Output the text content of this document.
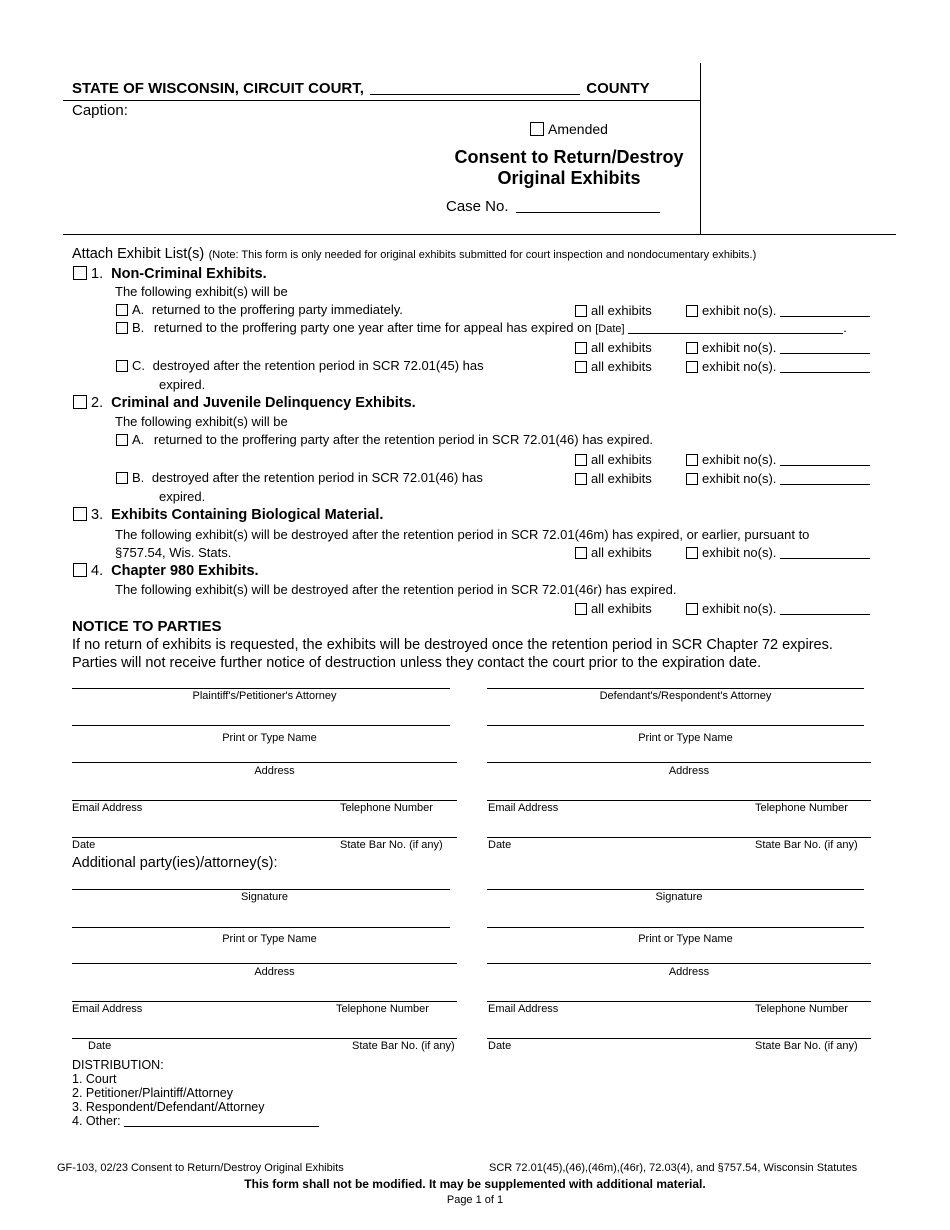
STATE OF WISCONSIN, CIRCUIT COURT,	COUNTY
Caption:
Amended
Consent to Return/Destroy
Original Exhibits
Case No.
Attach Exhibit List(s) (Note: This form is only needed for original exhibits submitted for court inspection and nondocumentary exhibits.)
1. Non-Criminal Exhibits.
The following exhibit(s) will be
A. returned to the proffering party immediately.	all exhibits	exhibit no(s).
B. returned to the proffering party one year after time for appeal has expired on [Date]	.
all exhibits	exhibit no(s).
C. destroyed after the retention period in SCR 72.01(45) has
expired.
all exhibits	exhibit no(s).
2. Criminal and Juvenile Delinquency Exhibits.
The following exhibit(s) will be
A. returned to the proffering party after the retention period in SCR 72.01(46) has expired.
all exhibits	exhibit no(s).
B. destroyed after the retention period in SCR 72.01(46) has
expired.
all exhibits	exhibit no(s).
3. Exhibits Containing Biological Material.
The following exhibit(s) will be destroyed after the retention period in SCR 72.01(46m) has expired, or earlier, pursuant to
§757.54, Wis. Stats.	all exhibits	exhibit no(s).
4. Chapter 980 Exhibits.
The following exhibit(s) will be destroyed after the retention period in SCR 72.01(46r) has expired.
all exhibits	exhibit no(s).
NOTICE TO PARTIES
If no return of exhibits is requested, the exhibits will be destroyed once the retention period in SCR Chapter 72 expires.
Parties will not receive further notice of destruction unless they contact the court prior to the expiration date.
Plaintiff's/Petitioner's Attorney
Print or Type Name
Address
Email Address	Telephone Number
Date	State Bar No. (if any)
Defendant's/Respondent's Attorney
Print or Type Name
Address
Email Address	Telephone Number
Date	State Bar No. (if any)
Additional party(ies)/attorney(s):
Signature
Print or Type Name
Address
Email Address	Telephone Number
Date	State Bar No. (if any)
Signature
Print or Type Name
Address
Email Address	Telephone Number
Date	State Bar No. (if any)
DISTRIBUTION:
1. Court
2. Petitioner/Plaintiff/Attorney
3. Respondent/Defendant/Attorney
4. Other:
GF-103, 02/23 Consent to Return/Destroy Original Exhibits	SCR 72.01(45),(46),(46m),(46r), 72.03(4), and §757.54, Wisconsin Statutes
This form shall not be modified. It may be supplemented with additional material.
Page 1 of 1
